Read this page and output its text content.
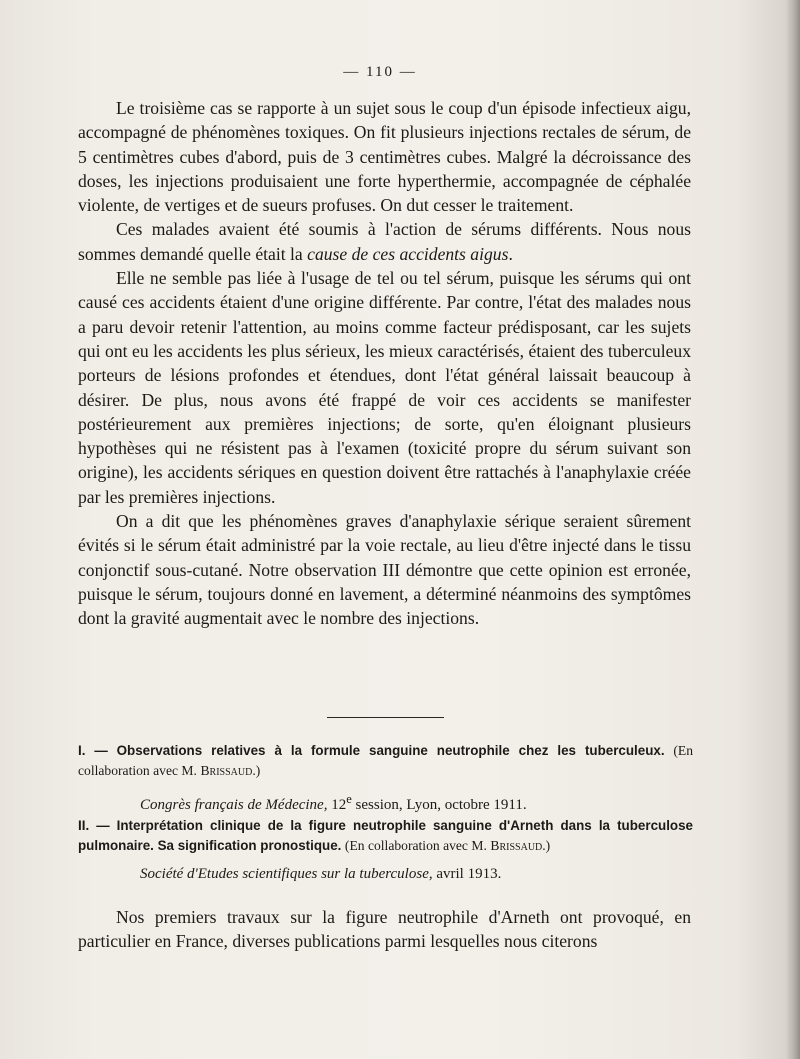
— 110 —

Le troisième cas se rapporte à un sujet sous le coup d'un épisode infectieux aigu, accompagné de phénomènes toxiques. On fit plusieurs injections rectales de sérum, de 5 centimètres cubes d'abord, puis de 3 centimètres cubes. Malgré la décroissance des doses, les injections produisaient une forte hyperthermie, accompagnée de céphalée violente, de vertiges et de sueurs profuses. On dut cesser le traitement.

Ces malades avaient été soumis à l'action de sérums différents. Nous nous sommes demandé quelle était la cause de ces accidents aigus.

Elle ne semble pas liée à l'usage de tel ou tel sérum, puisque les sérums qui ont causé ces accidents étaient d'une origine différente. Par contre, l'état des malades nous a paru devoir retenir l'attention, au moins comme facteur prédisposant, car les sujets qui ont eu les accidents les plus sérieux, les mieux caractérisés, étaient des tuberculeux porteurs de lésions profondes et étendues, dont l'état général laissait beaucoup à désirer. De plus, nous avons été frappé de voir ces accidents se manifester postérieurement aux premières injections; de sorte, qu'en éloignant plusieurs hypothèses qui ne résistent pas à l'examen (toxicité propre du sérum suivant son origine), les accidents sériques en question doivent être rattachés à l'anaphylaxie créée par les premières injections.

On a dit que les phénomènes graves d'anaphylaxie sérique seraient sûrement évités si le sérum était administré par la voie rectale, au lieu d'être injecté dans le tissu conjonctif sous-cutané. Notre observation III démontre que cette opinion est erronée, puisque le sérum, toujours donné en lavement, a déterminé néanmoins des symptômes dont la gravité augmentait avec le nombre des injections.

I. — Observations relatives à la formule sanguine neutrophile chez les tuberculeux. (En collaboration avec M. Brissaud.)
Congrès français de Médecine, 12e session, Lyon, octobre 1911.
II. — Interprétation clinique de la figure neutrophile sanguine d'Arneth dans la tuberculose pulmonaire. Sa signification pronostique. (En collaboration avec M. Brissaud.)
Société d'Etudes scientifiques sur la tuberculose, avril 1913.

Nos premiers travaux sur la figure neutrophile d'Arneth ont provoqué, en particulier en France, diverses publications parmi lesquelles nous citerons
